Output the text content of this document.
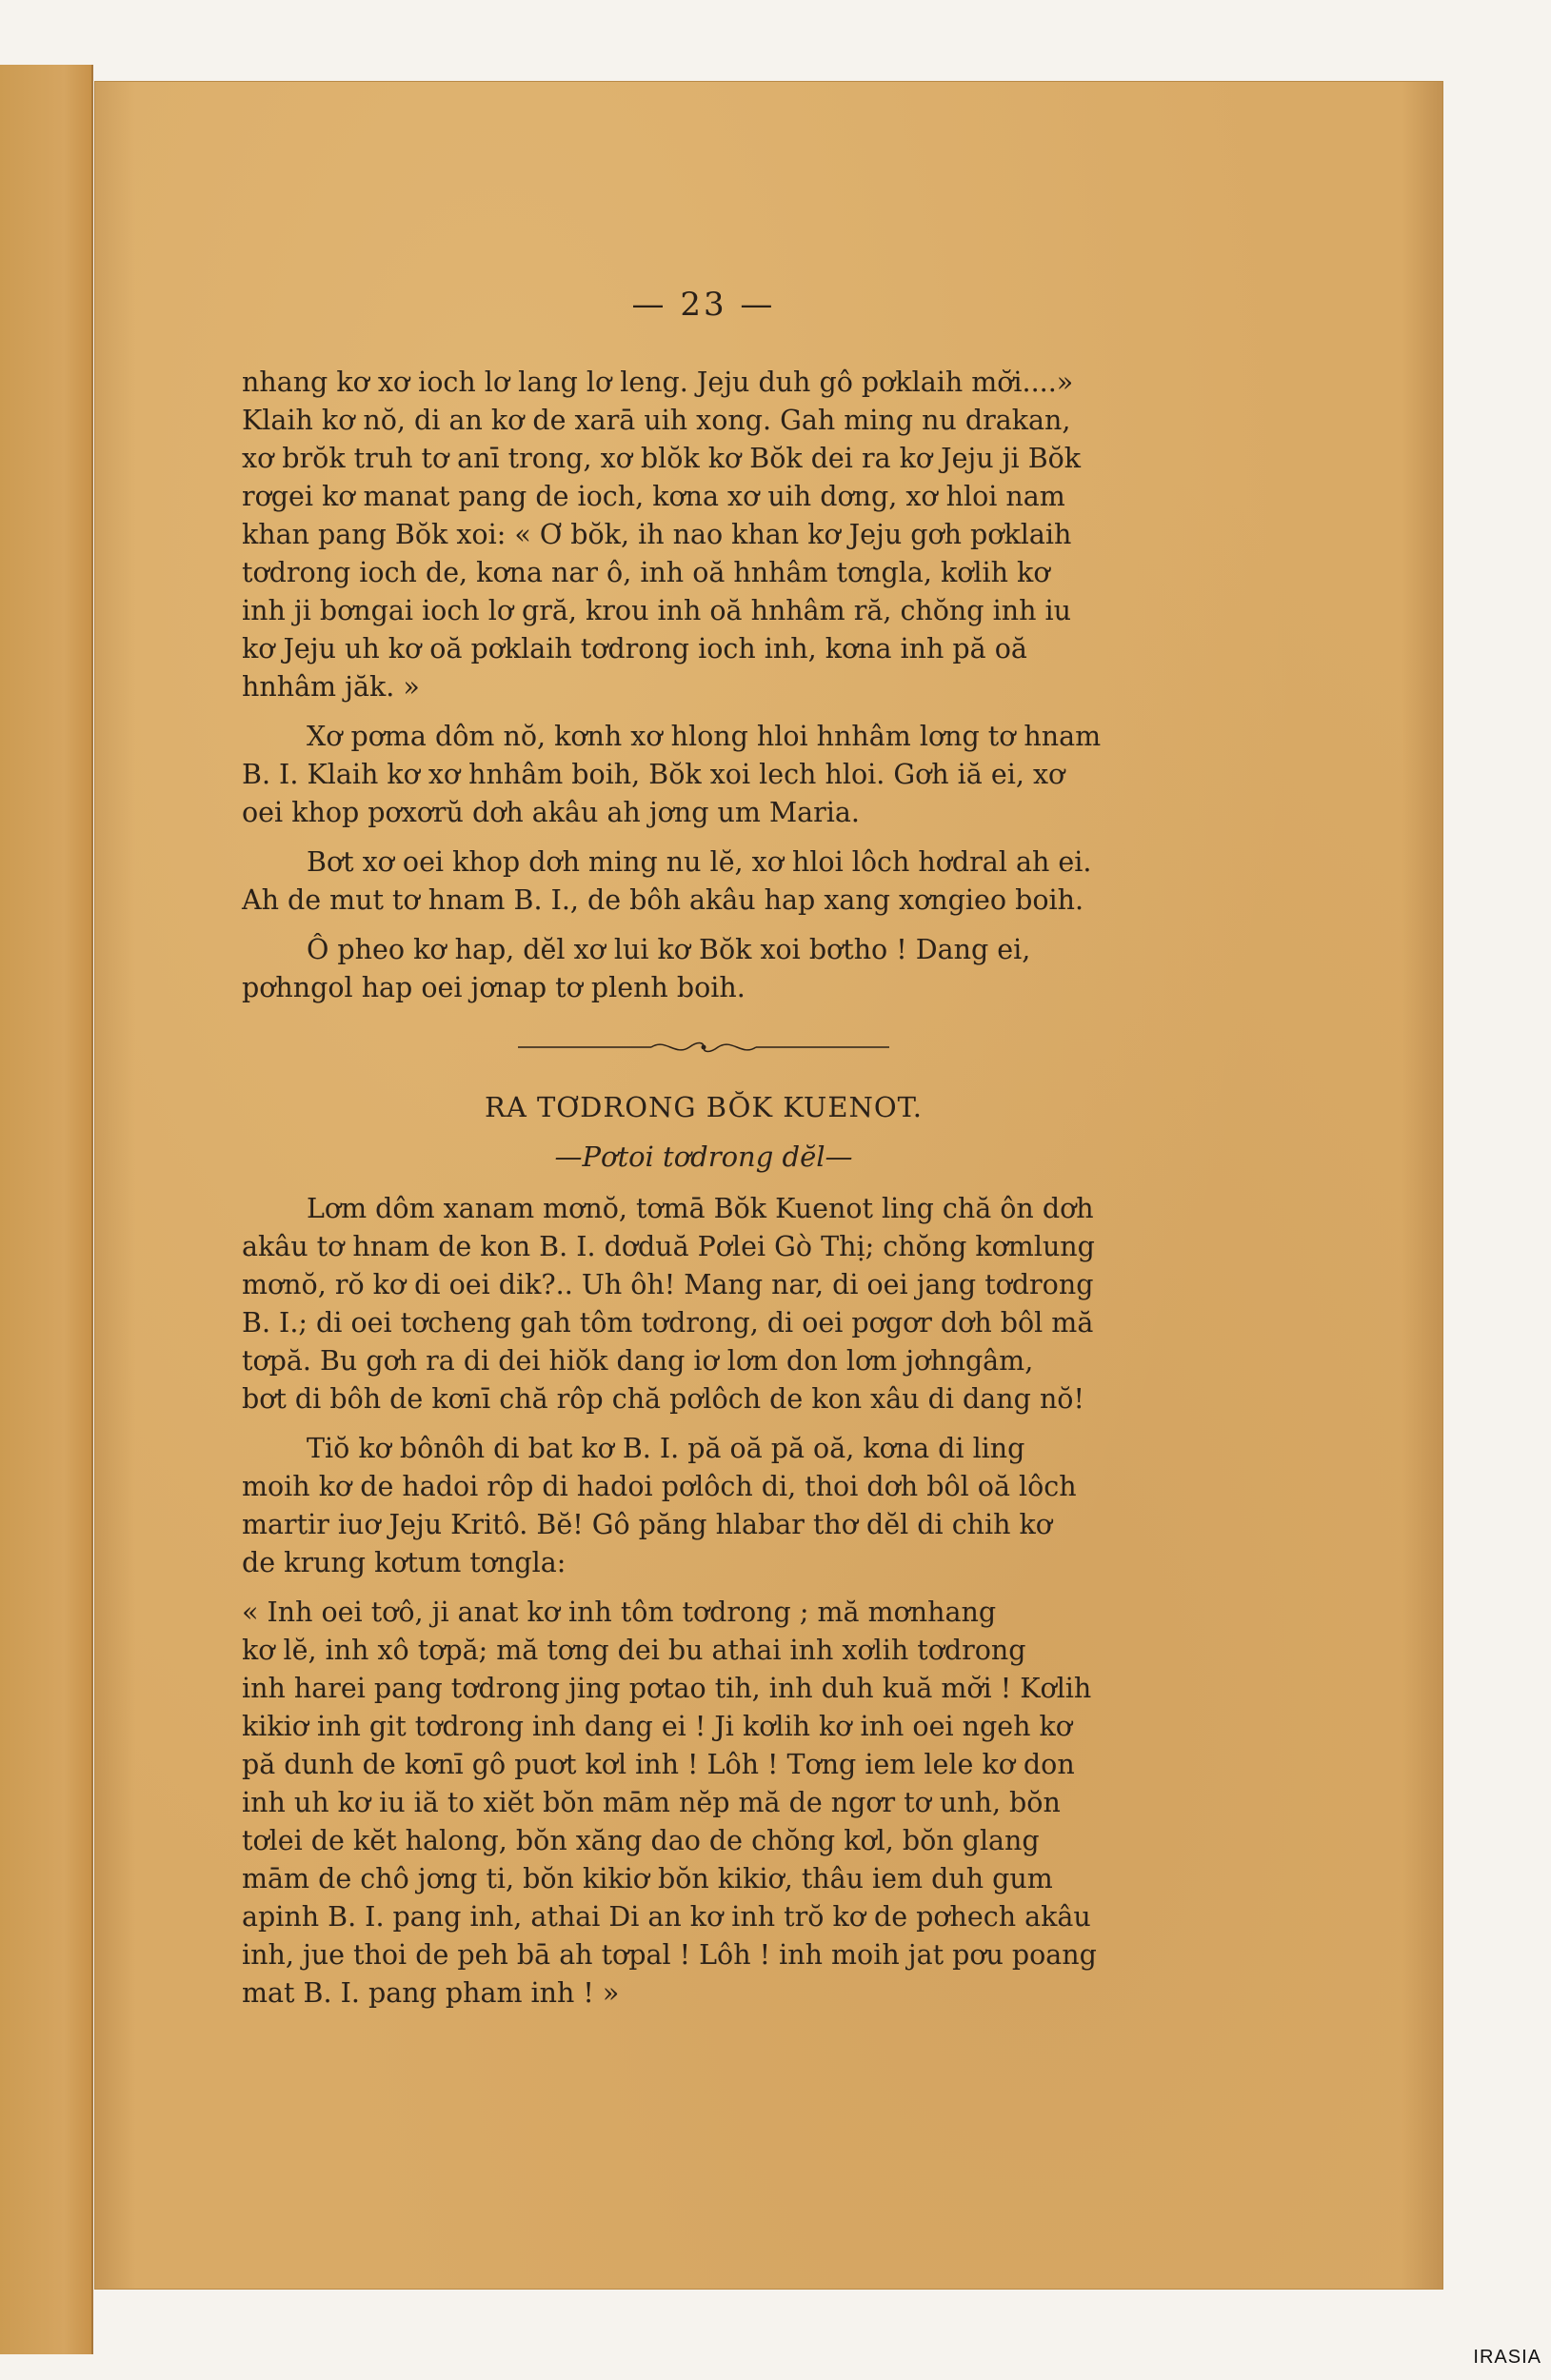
— 23 —

nhang kơ xơ ioch lơ lang lơ leng. Jeju duh gô pơklaih mơ̆i....»
Klaih kơ nŏ, di an kơ de xarā uih xong. Gah ming nu drakan,
xơ brŏk truh tơ anī trong, xơ blŏk kơ Bŏk dei ra kơ Jeju ji Bŏk
rơgei kơ manat pang de ioch, kơna xơ uih dơng, xơ hloi nam
khan pang Bŏk xoi: « Ơ bŏk, ih nao khan kơ Jeju gơh pơklaih
tơdrong ioch de, kơna nar ô, inh oă hnhâm tơngla, kơlih kơ
inh ji bơngai ioch lơ gră, krou inh oă hnhâm ră, chŏng inh iu
kơ Jeju uh kơ oă pơklaih tơdrong ioch inh, kơna inh pă oă
hnhâm jăk. »

Xơ pơma dôm nŏ, kơnh xơ hlong hloi hnhâm lơng tơ hnam
B. I. Klaih kơ xơ hnhâm boih, Bŏk xoi lech hloi. Gơh iă ei, xơ
oei khop pơxơrŭ dơh akâu ah jơng um Maria.

Bơt xơ oei khop dơh ming nu lĕ, xơ hloi lôch hơdral ah ei.
Ah de mut tơ hnam B. I., de bôh akâu hap xang xơngieo boih.

Ô pheo kơ hap, dĕl xơ lui kơ Bŏk xoi bơtho ! Dang ei,
pơhngol hap oei jơnap tơ plenh boih.

RA TƠDRONG BŎK KUENOT.
—Pơtoi tơdrong dĕl—

Lơm dôm xanam mơnŏ, tơmā Bŏk Kuenot ling chă ôn dơh
akâu tơ hnam de kon B. I. dơduă Pơlei Gò Thị; chŏng kơmlung
mơnŏ, rŏ kơ di oei dik?.. Uh ôh! Mang nar, di oei jang tơdrong
B. I.; di oei tơcheng gah tôm tơdrong, di oei pơgơr dơh bôl mă
tơpă. Bu gơh ra di dei hiŏk dang iơ lơm don lơm jơhngâm,
bơt di bôh de kơnī chă rôp chă pơlôch de kon xâu di dang nŏ!

Tiŏ kơ bônôh di bat kơ B. I. pă oă pă oă, kơna di ling
moih kơ de hadoi rôp di hadoi pơlôch di, thoi dơh bôl oă lôch
martir iuơ Jeju Kritô. Bĕ! Gô păng hlabar thơ dĕl di chih kơ
de krung kơtum tơngla:

« Inh oei tơô, ji anat kơ inh tôm tơdrong ; mă mơnhang
kơ lĕ, inh xô tơpă; mă tơng dei bu athai inh xơlih tơdrong
inh harei pang tơdrong jing pơtao tih, inh duh kuă mơ̆i ! Kơlih
kikiơ inh git tơdrong inh dang ei ! Ji kơlih kơ inh oei ngeh kơ
pă dunh de kơnī gô puơt kơl inh ! Lôh ! Tơng iem lele kơ don
inh uh kơ iu iă to xiĕt bŏn mām nĕp mă de ngơr tơ unh, bŏn
tơlei de kĕt halong, bŏn xăng dao de chŏng kơl, bŏn glang
mām de chô jơng ti, bŏn kikiơ bŏn kikiơ, thâu iem duh gum
apinh B. I. pang inh, athai Di an kơ inh trŏ kơ de pơhech akâu
inh, jue thoi de peh bā ah tơpal ! Lôh ! inh moih jat pơu poang
mat B. I. pang pham inh ! »

IRASIA
